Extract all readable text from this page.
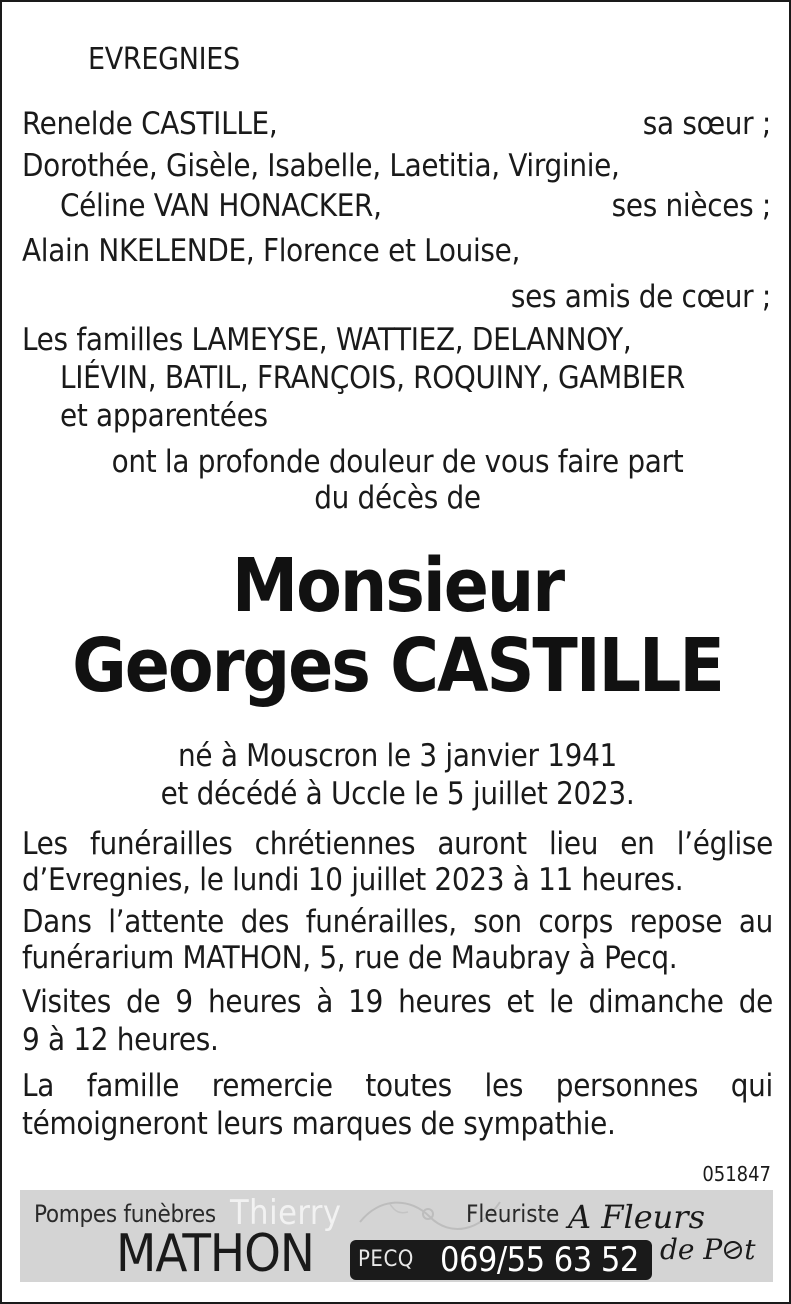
EVREGNIES
Renelde CASTILLE,	sa sœur ;
Dorothée, Gisèle, Isabelle, Laetitia, Virginie,
Céline VAN HONACKER,	ses nièces ;
Alain NKELENDE, Florence et Louise,
ses amis de cœur ;
Les familles LAMEYSE, WATTIEZ, DELANNOY,
LIÉVIN, BATIL, FRANÇOIS, ROQUINY, GAMBIER
et apparentées
ont la profonde douleur de vous faire part
du décès de
Monsieur
Georges CASTILLE
né à Mouscron le 3 janvier 1941
et décédé à Uccle le 5 juillet 2023.
Les funérailles chrétiennes auront lieu en l’église
d’Evregnies, le lundi 10 juillet 2023 à 11 heures.
Dans l’attente des funérailles, son corps repose au
funérarium MATHON, 5, rue de Maubray à Pecq.
Visites de 9 heures à 19 heures et le dimanche de
9 à 12 heures.
La famille remercie toutes les personnes qui
témoigneront leurs marques de sympathie.
051847
Pompes funèbres Thierry
MATHON PECQ 069/55 63 52
Fleuriste A Fleurs
de P t
